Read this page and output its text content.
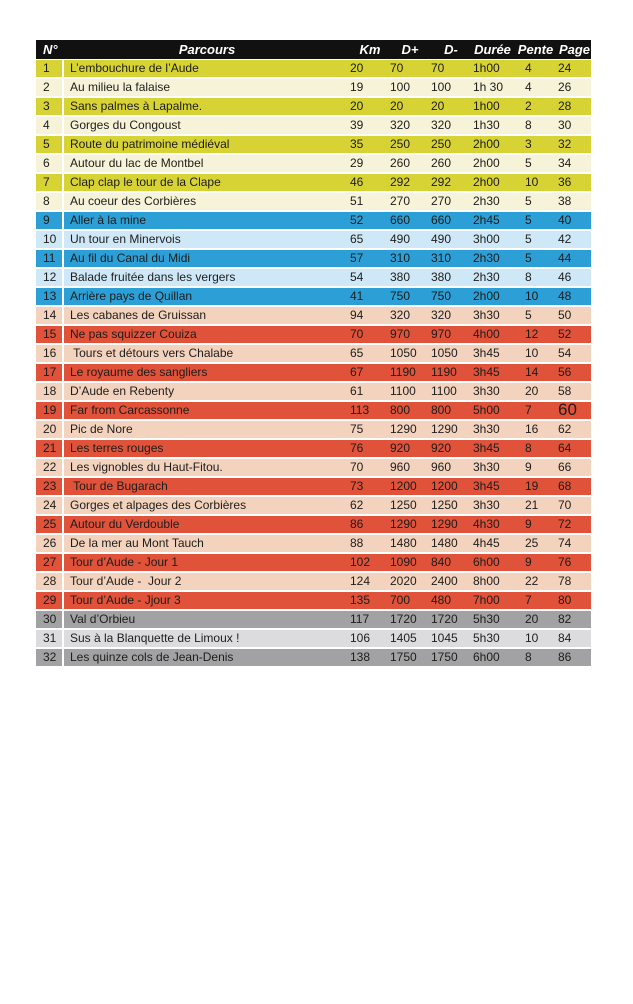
N°	Parcours	Km	D+	D-	Durée Pente Page
1	L’embouchure de l’Aude	20	70	70	1h00	4	24
2	Au milieu la falaise	19	100	100	1h 30	4	26
3	Sans palmes à Lapalme.	20	20	20	1h00	2	28
4	Gorges du Congoust	39	320	320	1h30	8	30
5	Route du patrimoine médiéval	35	250	250	2h00	3	32
6	Autour du lac de Montbel	29	260	260	2h00	5	34
7	Clap clap le tour de la Clape	46	292	292	2h00	10	36
8	Au coeur des Corbières	51	270	270	2h30	5	38
9	Aller à la mine	52	660	660	2h45	5	40
10	Un tour en Minervois	65	490	490	3h00	5	42
11	Au fil du Canal du Midi	57	310	310	2h30	5	44
12	Balade fruitée dans les vergers	54	380	380	2h30	8	46
13	Arrière pays de Quillan	41	750	750	2h00	10	48
14	Les cabanes de Gruissan	94	320	320	3h30	5	50
15	Ne pas squizzer Couiza	70	970	970	4h00	12	52
16	Tours et détours vers Chalabe	65	1050	1050	3h45	10	54
17	Le royaume des sangliers	67	1190	1190	3h45	14	56
18	D’Aude en Rebenty	61	1100	1100	3h30	20	58
19	Far from Carcassonne	113	800	800	5h00	7	60
20	Pic de Nore	75	1290	1290	3h30	16	62
21	Les terres rouges	76	920	920	3h45	8	64
22	Les vignobles du Haut-Fitou.	70	960	960	3h30	9	66
23	Tour de Bugarach	73	1200	1200	3h45	19	68
24	Gorges et alpages des Corbières	62	1250	1250	3h30	21	70
25	Autour du Verdouble	86	1290	1290	4h30	9	72
26	De la mer au Mont Tauch	88	1480	1480	4h45	25	74
27	Tour d’Aude - Jour 1	102	1090	840	6h00	9	76
28	Tour d’Aude -  Jour 2	124	2020	2400	8h00	22	78
29	Tour d’Aude - Jjour 3	135	700	480	7h00	7	80
30	Val d’Orbieu	117	1720	1720	5h30	20	82
31	Sus à la Blanquette de Limoux !	106	1405	1045	5h30	10	84
32	Les quinze cols de Jean-Denis	138	1750	1750	6h00	8	86
